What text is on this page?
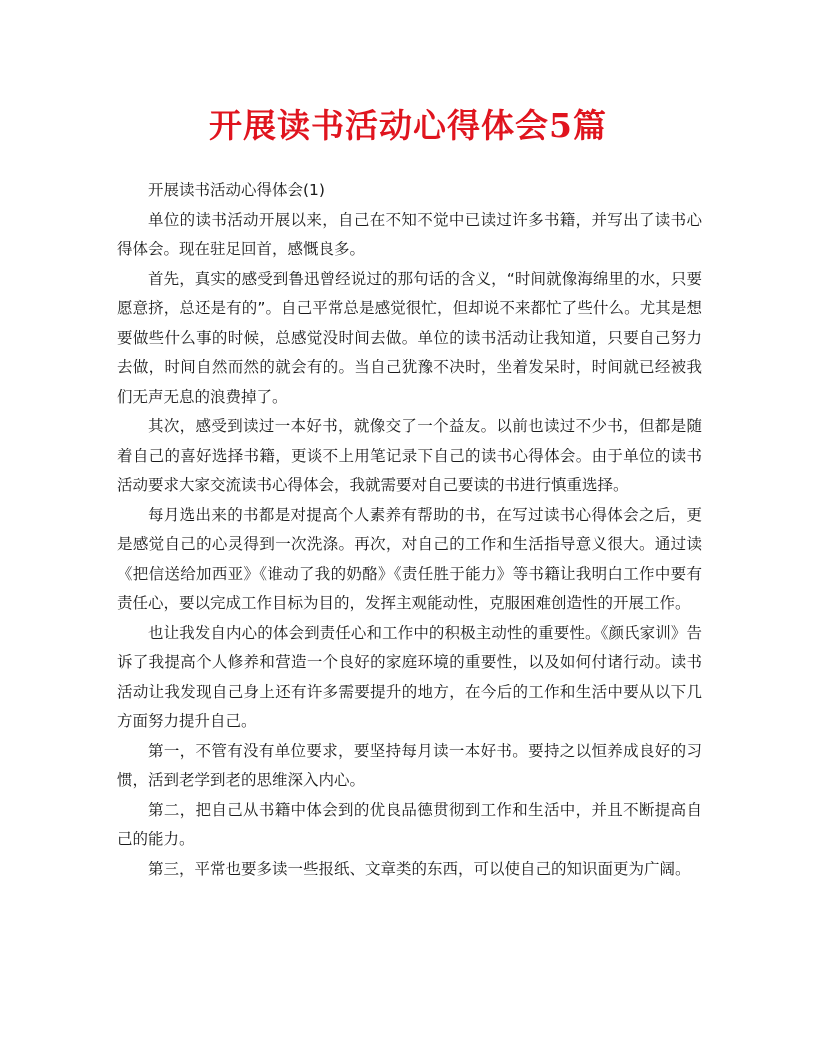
开展读书活动心得体会5篇

开展读书活动心得体会(1)

单位的读书活动开展以来，自己在不知不觉中已读过许多书籍，并写出了读书心得体会。现在驻足回首，感慨良多。

首先，真实的感受到鲁迅曾经说过的那句话的含义，“时间就像海绵里的水，只要愿意挤，总还是有的”。自己平常总是感觉很忙，但却说不来都忙了些什么。尤其是想要做些什么事的时候，总感觉没时间去做。单位的读书活动让我知道，只要自己努力去做，时间自然而然的就会有的。当自己犹豫不决时，坐着发呆时，时间就已经被我们无声无息的浪费掉了。

其次，感受到读过一本好书，就像交了一个益友。以前也读过不少书，但都是随着自己的喜好选择书籍，更谈不上用笔记录下自己的读书心得体会。由于单位的读书活动要求大家交流读书心得体会，我就需要对自己要读的书进行慎重选择。

每月选出来的书都是对提高个人素养有帮助的书，在写过读书心得体会之后，更是感觉自己的心灵得到一次洗涤。再次，对自己的工作和生活指导意义很大。通过读《把信送给加西亚》《谁动了我的奶酪》《责任胜于能力》等书籍让我明白工作中要有责任心，要以完成工作目标为目的，发挥主观能动性，克服困难创造性的开展工作。

也让我发自内心的体会到责任心和工作中的积极主动性的重要性。《颜氏家训》告诉了我提高个人修养和营造一个良好的家庭环境的重要性，以及如何付诸行动。读书活动让我发现自己身上还有许多需要提升的地方，在今后的工作和生活中要从以下几方面努力提升自己。

第一，不管有没有单位要求，要坚持每月读一本好书。要持之以恒养成良好的习惯，活到老学到老的思维深入内心。

第二，把自己从书籍中体会到的优良品德贯彻到工作和生活中，并且不断提高自己的能力。

第三，平常也要多读一些报纸、文章类的东西，可以使自己的知识面更为广阔。
